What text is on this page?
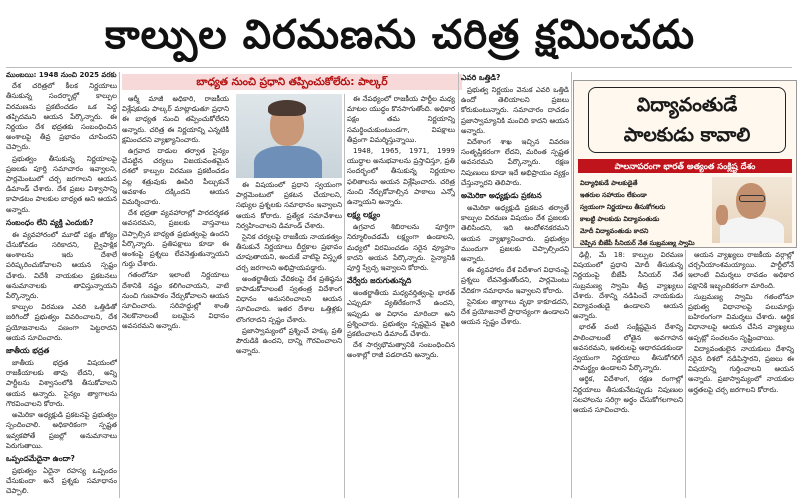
కాల్పుల విరమణను చరిత్ర క్షమించదు

ముంబయి: 1948 నుంచి 2025 వరకు

దేశ చరిత్రలో కీలక నిర్ణయాలు తీసుకున్న సందర్భాల్లో కాల్పుల విరమణను ప్రకటించడం ఒక పెద్ద తప్పిదమని ఆయన పేర్కొన్నారు. ఈ నిర్ణయం దేశ భద్రతకు సంబంధించిన అంశాలపై తీవ్ర ప్రభావం చూపిందని చెప్పారు.

ప్రభుత్వం తీసుకున్న నిర్ణయాలపై ప్రజలకు పూర్తి సమాచారం ఇవ్వాలని, పార్లమెంటులో చర్చ జరగాలని ఆయన డిమాండ్ చేశారు. దేశ ప్రజల విశ్వాసాన్ని కాపాడటం పాలకుల బాధ్యత అని ఆయన అన్నారు.

సంబంధం లేని వ్యక్తి ఎందుకు?

ఈ వ్యవహారంలో మూడో పక్షం జోక్యం చేసుకోవడం సరికాదని, ద్వైపాక్షిక అంశాలను ఇరు దేశాలే పరిష్కరించుకోవాలని ఆయన స్పష్టం చేశారు. విదేశీ నాయకుల ప్రకటనలు అనుమానాలకు తావిస్తున్నాయని పేర్కొన్నారు.

కాల్పుల విరమణ ఎవరి ఒత్తిడితో జరిగిందో ప్రభుత్వం వివరించాలని, దేశ ప్రయోజనాలను పణంగా పెట్టరాదని ఆయన సూచించారు.

జాతీయ భద్రత

జాతీయ భద్రత విషయంలో రాజకీయాలకు తావు లేదని, అన్ని పార్టీలను విశ్వాసంలోకి తీసుకోవాలని ఆయన అన్నారు. సైన్యం త్యాగాలను గౌరవించాలని కోరారు.

అమెరికా అధ్యక్షుడి ప్రకటనపై ప్రభుత్వం స్పందించాలి. అధికారికంగా స్పష్టత ఇవ్వకపోతే ప్రజల్లో అనుమానాలు పెరుగుతాయి.

ఒప్పందమేదైనా ఉందా?

ప్రభుత్వం ఏదైనా రహస్య ఒప్పందం చేసుకుందా అనే ప్రశ్నకు సమాధానం చెప్పాలి.

బాధ్యత నుంచి ప్రధాని తప్పించుకోలేరు: పాల్కర్

ఆర్మీ మాజీ అధికారి, రాజకీయ విశ్లేషకుడు పాల్కర్ మాట్లాడుతూ ప్రధాని ఈ బాధ్యత నుంచి తప్పించుకోలేరని అన్నారు. చరిత్ర ఈ నిర్ణయాన్ని ఎన్నటికీ క్షమించదని వ్యాఖ్యానించారు.

ఉగ్రవాద దాడుల తర్వాత సైన్యం చేపట్టిన చర్యలు విజయవంతమైన దశలో కాల్పుల విరమణ ప్రకటించడం వల్ల శత్రువుకు ఊపిరి పీల్చుకునే అవకాశం దక్కిందని ఆయన విమర్శించారు.

దేశ భద్రతా వ్యవహారాల్లో పారదర్శకత అవసరమని, ప్రజలకు వాస్తవాలు చెప్పాల్సిన బాధ్యత ప్రభుత్వంపై ఉందని పేర్కొన్నారు. ప్రతిపక్షాలు కూడా ఈ అంశంపై ప్రశ్నలు లేవనెత్తుతున్నాయని గుర్తు చేశారు.

గతంలోనూ ఇలాంటి నిర్ణయాలు దేశానికి నష్టం కలిగించాయని, వాటి నుంచి గుణపాఠం నేర్చుకోవాలని ఆయన సూచించారు. సరిహద్దుల్లో శాంతి నెలకొనాలంటే బలమైన విధానం అవసరమని అన్నారు.

ఈ విషయంలో ప్రధాని స్వయంగా పార్లమెంటులో ప్రకటన చేయాలని, సభ్యుల ప్రశ్నలకు సమాధానం ఇవ్వాలని ఆయన కోరారు. ప్రత్యేక సమావేశాలు నిర్వహించాలని డిమాండ్ చేశారు.

సైనిక చర్యలపై రాజకీయ నాయకత్వం తీసుకునే నిర్ణయాలు దీర్ఘకాల ప్రభావం చూపుతాయని, అందుకే వాటిపై విస్తృత చర్చ జరగాలని అభిప్రాయపడ్డారు.

అంతర్జాతీయ వేదికలపై దేశ ప్రతిష్ఠను కాపాడుకోవాలంటే స్వతంత్ర విదేశాంగ విధానం అనుసరించాలని ఆయన సూచించారు. ఇతర దేశాల ఒత్తిళ్లకు లొంగరాదని స్పష్టం చేశారు.

ప్రజాస్వామ్యంలో ప్రశ్నించే హక్కు ప్రతి పౌరుడికి ఉందని, దాన్ని గౌరవించాలని అన్నారు.

ఈ నేపథ్యంలో రాజకీయ పార్టీల మధ్య మాటల యుద్ధం కొనసాగుతోంది. అధికార పక్షం తమ నిర్ణయాన్ని సమర్థించుకుంటుండగా, విపక్షాలు తీవ్రంగా విమర్శిస్తున్నాయి.

1948, 1965, 1971, 1999 యుద్ధాల అనుభవాలను ప్రస్తావిస్తూ, ప్రతి సందర్భంలో తీసుకున్న నిర్ణయాల ఫలితాలను ఆయన విశ్లేషించారు. చరిత్ర నుంచి నేర్చుకోవాల్సిన పాఠాలు ఎన్నో ఉన్నాయని అన్నారు.

లక్ష్య లక్ష్యం

ఉగ్రవాద శిబిరాలను పూర్తిగా నిర్మూలించడమే లక్ష్యంగా ఉండాలని, మధ్యలో విరమించడం సరైన వ్యూహం కాదని ఆయన పేర్కొన్నారు. సైన్యానికి పూర్తి స్వేచ్ఛ ఇవ్వాలని కోరారు.

వేర్వేరు జరుగుతున్నది

అంతర్జాతీయ మధ్యవర్తిత్వంపై భారత్ ఎప్పుడూ వ్యతిరేకంగానే ఉందని, ఇప్పుడు ఆ విధానం మారిందా అని ప్రశ్నించారు. ప్రభుత్వం స్పష్టమైన వైఖరి ప్రకటించాలని డిమాండ్ చేశారు.

దేశ సార్వభౌమత్వానికి సంబంధించిన అంశాల్లో రాజీ పడరాదని అన్నారు.

ఎవరి ఒత్తిడి?

ప్రభుత్వ నిర్ణయం వెనుక ఎవరి ఒత్తిడి ఉందో తెలియాలని ప్రజలు కోరుకుంటున్నారు. సమాచారం దాచడం ప్రజాస్వామ్యానికి మంచిది కాదని ఆయన అన్నారు.

విదేశాంగ శాఖ ఇచ్చిన వివరణ సంతృప్తికరంగా లేదని, మరింత స్పష్టత అవసరమని పేర్కొన్నారు. రక్షణ నిపుణులు కూడా ఇదే అభిప్రాయం వ్యక్తం చేస్తున్నారని తెలిపారు.

అమెరికా అధ్యక్షుడు ప్రకటన

అమెరికా అధ్యక్షుడి ప్రకటన తర్వాతే కాల్పుల విరమణ విషయం దేశ ప్రజలకు తెలిసిందని, ఇది ఆందోళనకరమని ఆయన వ్యాఖ్యానించారు. ప్రభుత్వం ముందుగా ప్రజలకు చెప్పాల్సిందని అన్నారు.

ఈ వ్యవహారం దేశ విదేశాంగ విధానంపై ప్రశ్నలు లేవనెత్తుతోందని, పార్లమెంటు వేదికగా సమాధానం ఇవ్వాలని కోరారు.

సైనికుల త్యాగాలు వృథా కాకూడదని, దేశ ప్రయోజనాలే ప్రాధాన్యంగా ఉండాలని ఆయన స్పష్టం చేశారు.

విద్యావంతుడే
పాలకుడు కావాలి
పాలనాపరంగా భారత్ అత్యంత సంక్లిష్ట దేశం
విద్యాధికుడే పాలకుడైతే
ఇతరుల సహాయం లేకుండా
స్వయంగా నిర్ణయాలు తీసుకోగలరు
కాబట్టి పాలకుడు విద్యావంతుడు
మోదీ విద్యావంతుడు కాదని
చెప్పిన బీజేపీ సీనియర్ నేత సుబ్రమణ్య స్వామి

ఢిల్లీ, మే 18: కాల్పుల విరమణ విషయంలో ప్రధాని మోదీ తీసుకున్న నిర్ణయంపై బీజేపీ సీనియర్ నేత సుబ్రమణ్య స్వామి తీవ్ర వ్యాఖ్యలు చేశారు. దేశాన్ని నడిపించే నాయకుడు విద్యావంతుడై ఉండాలని ఆయన అన్నారు.

భారత్ వంటి సంక్లిష్టమైన దేశాన్ని పాలించాలంటే లోతైన అవగాహన అవసరమని, ఇతరులపై ఆధారపడకుండా స్వయంగా నిర్ణయాలు తీసుకోగలిగే సామర్థ్యం ఉండాలని పేర్కొన్నారు.

ఆర్థిక, విదేశాంగ, రక్షణ రంగాల్లో నిర్ణయాలు తీసుకునేటప్పుడు నిపుణుల సలహాలను సరిగ్గా అర్థం చేసుకోగలగాలని ఆయన సూచించారు.

ఆయన వ్యాఖ్యలు రాజకీయ వర్గాల్లో చర్చనీయాంశమయ్యాయి. పార్టీలోనే ఇలాంటి విమర్శలు రావడం అధికార పక్షానికి ఇబ్బందికరంగా మారింది.

సుబ్రమణ్య స్వామి గతంలోనూ ప్రభుత్వ విధానాలపై పలుమార్లు బహిరంగంగా విమర్శలు చేశారు. ఆర్థిక విధానాలపై ఆయన చేసిన వ్యాఖ్యలు అప్పట్లో సంచలనం సృష్టించాయి.

విద్యావంతులైన నాయకులు దేశాన్ని సరైన దిశలో నడిపిస్తారని, ప్రజలు ఈ విషయాన్ని గుర్తించాలని ఆయన అన్నారు. ప్రజాస్వామ్యంలో నాయకుల అర్హతలపై చర్చ జరగాలని కోరారు.
